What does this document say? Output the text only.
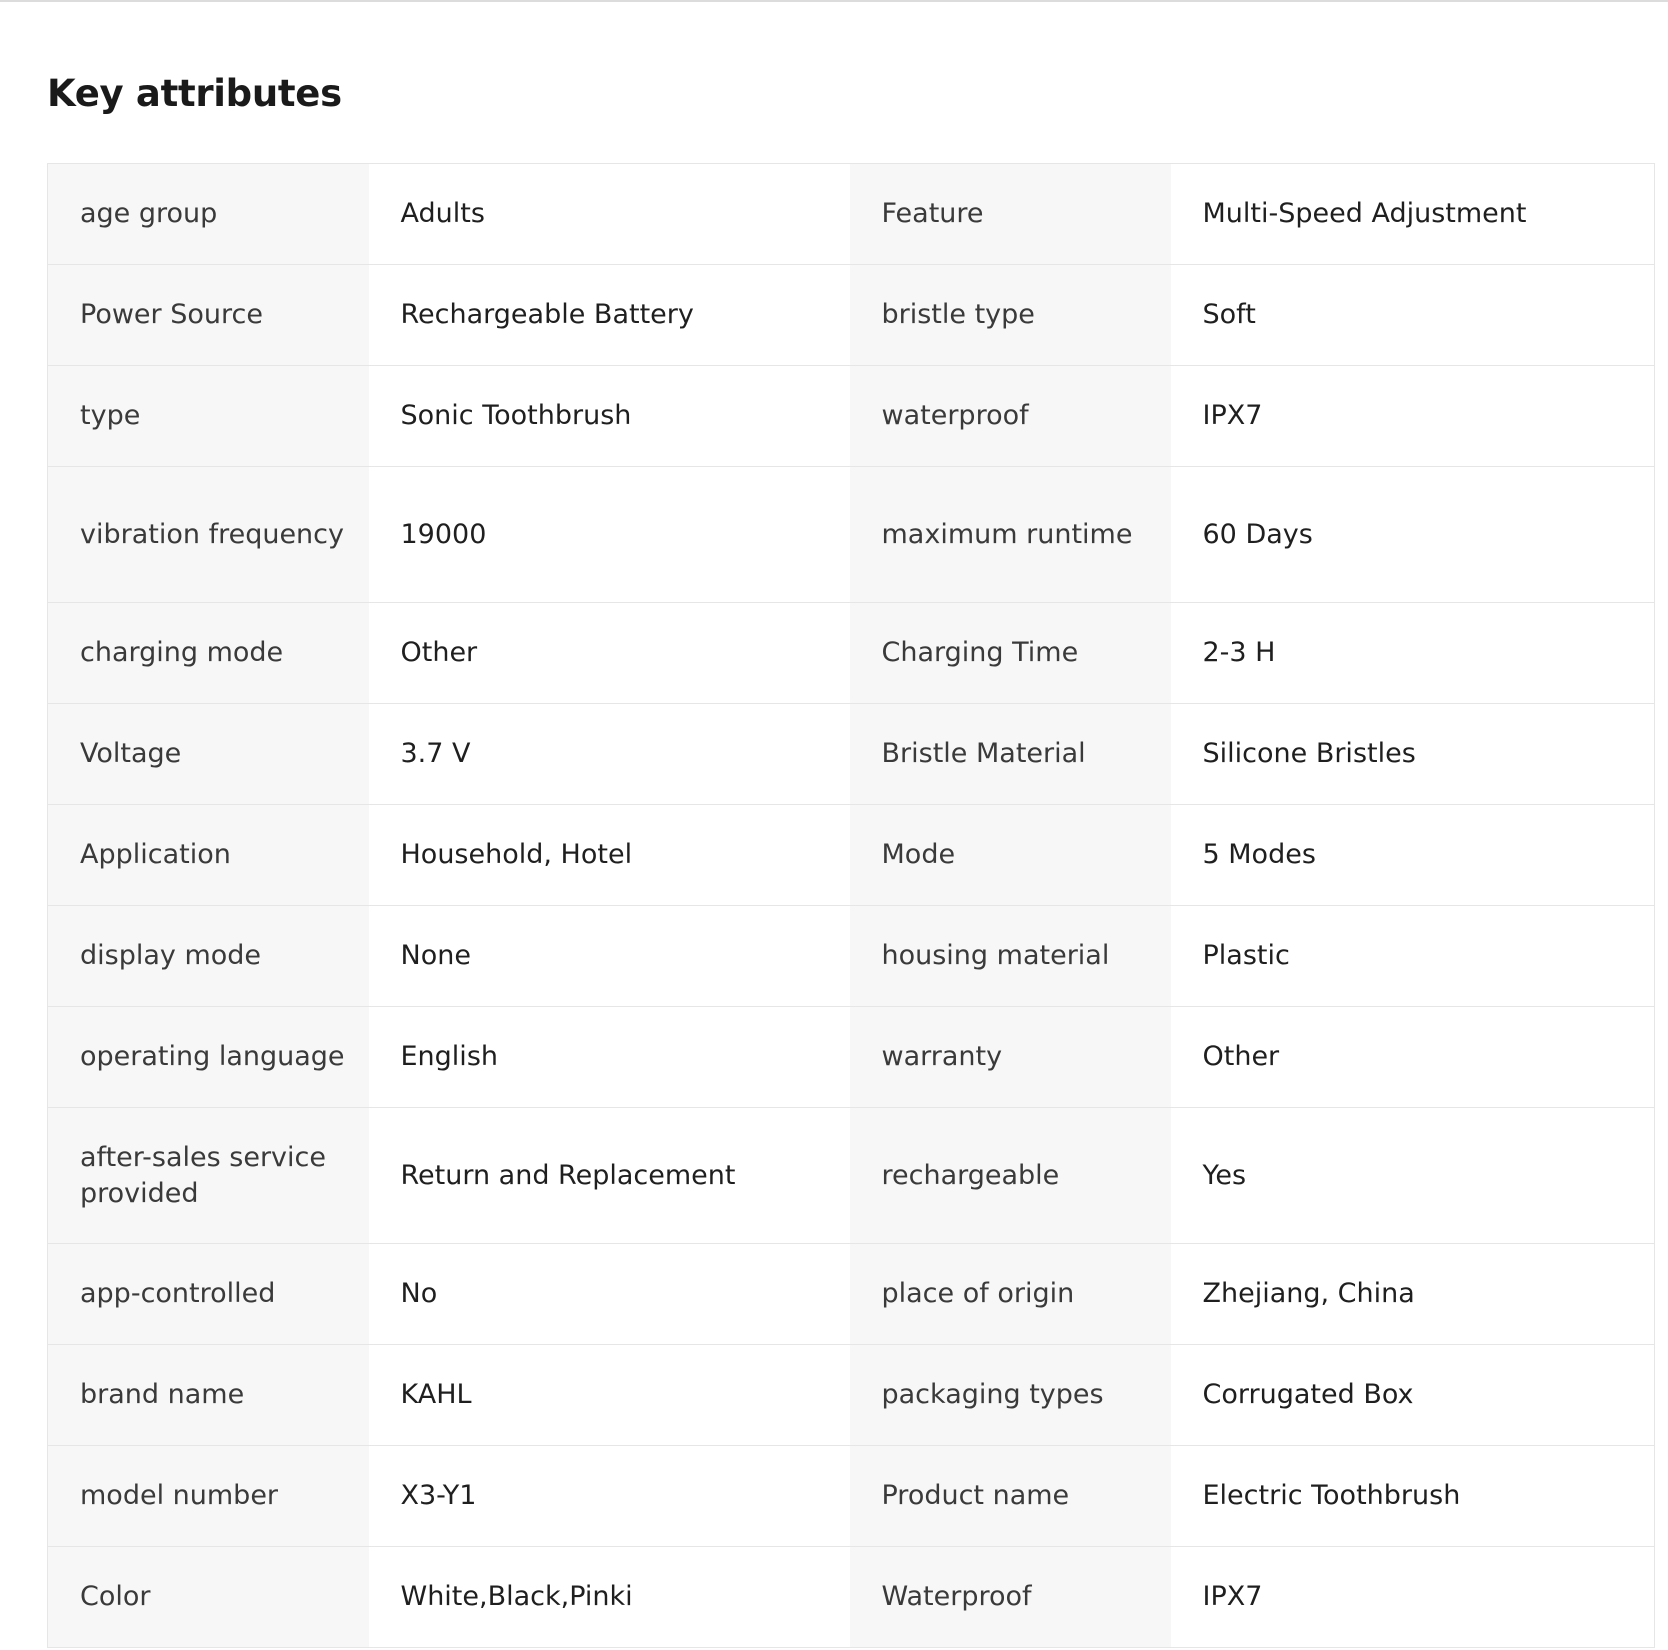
Key attributes
age group	Adults	Feature	Multi-Speed Adjustment
Power Source	Rechargeable Battery	bristle type	Soft
type	Sonic Toothbrush	waterproof	IPX7
vibration frequency	19000	maximum runtime	60 Days
charging mode	Other	Charging Time	2-3 H
Voltage	3.7 V	Bristle Material	Silicone Bristles
Application	Household, Hotel	Mode	5 Modes
display mode	None	housing material	Plastic
operating language	English	warranty	Other
after-sales service provided	Return and Replacement	rechargeable	Yes
app-controlled	No	place of origin	Zhejiang, China
brand name	KAHL	packaging types	Corrugated Box
model number	X3-Y1	Product name	Electric Toothbrush
Color	White,Black,Pinki	Waterproof	IPX7
